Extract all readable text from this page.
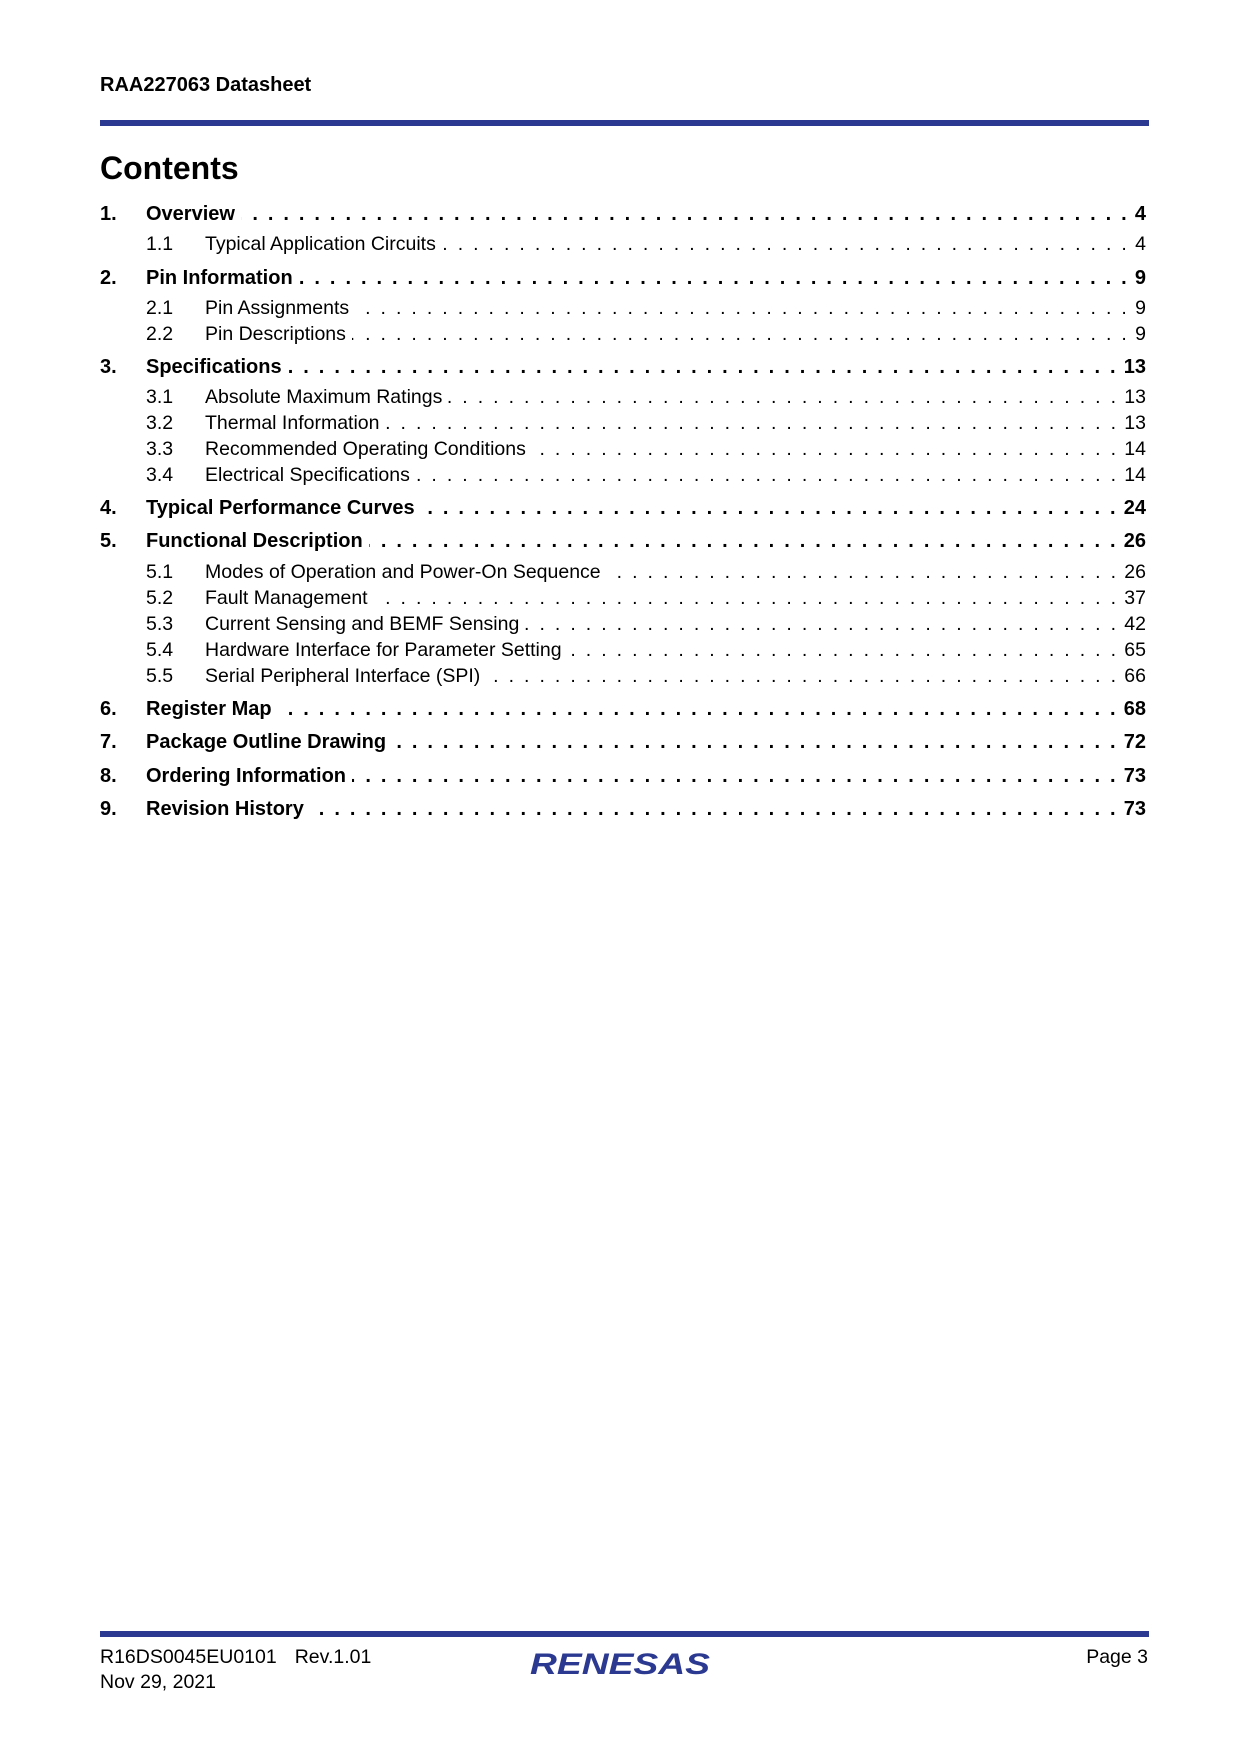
RAA227063 Datasheet
Contents
1.	Overview . . .	4
1.1	Typical Application Circuits . . .	4
2.	Pin Information . . .	9
2.1	Pin Assignments . . .	9
2.2	Pin Descriptions . . .	9
3.	Specifications . . .	13
3.1	Absolute Maximum Ratings . . .	13
3.2	Thermal Information . . .	13
3.3	Recommended Operating Conditions . . .	14
3.4	Electrical Specifications . . .	14
4.	Typical Performance Curves . . .	24
5.	Functional Description . . .	26
5.1	Modes of Operation and Power-On Sequence . . .	26
5.2	Fault Management . . .	37
5.3	Current Sensing and BEMF Sensing . . .	42
5.4	Hardware Interface for Parameter Setting . . .	65
5.5	Serial Peripheral Interface (SPI) . . .	66
6.	Register Map . . .	68
7.	Package Outline Drawing . . .	72
8.	Ordering Information . . .	73
9.	Revision History . . .	73
R16DS0045EU0101 Rev.1.01
Nov 29, 2021
RENESAS	Page 3
